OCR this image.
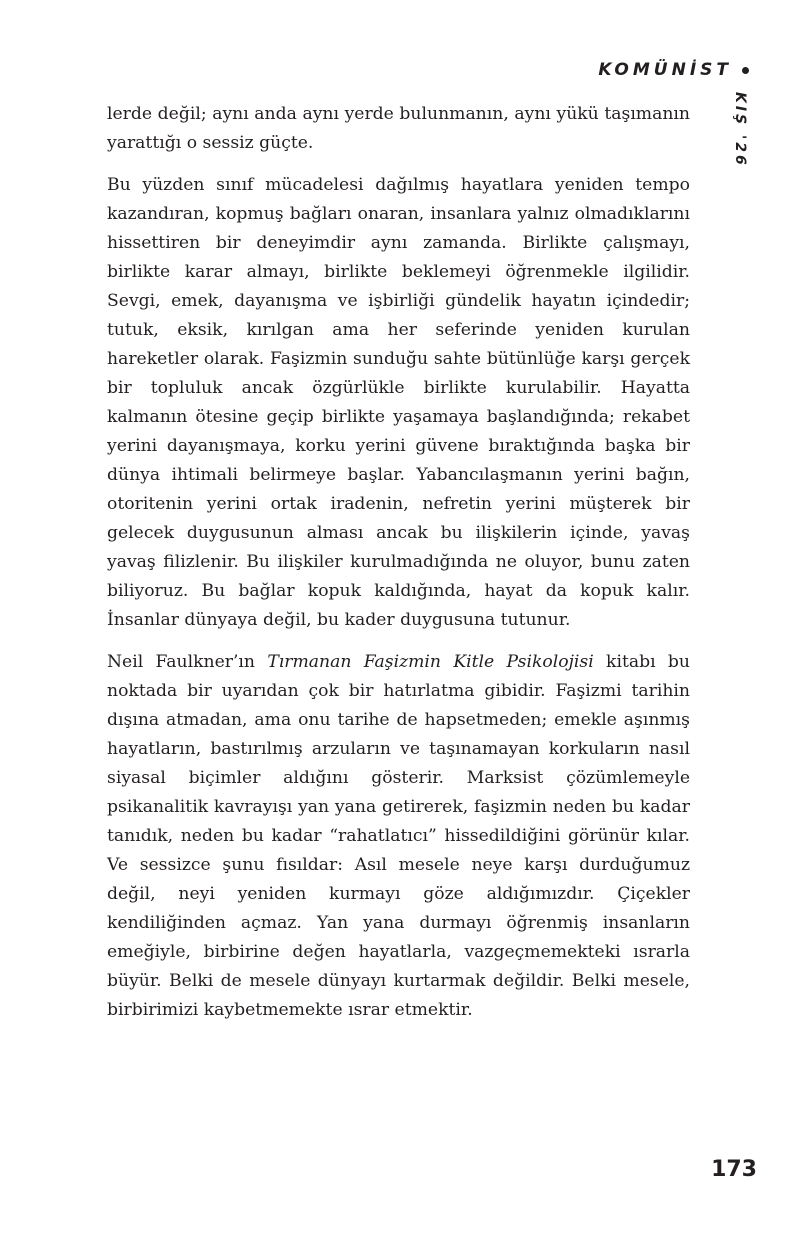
KOMÜNİST
KIŞ '26

lerde değil; aynı anda aynı yerde bulunmanın, aynı yükü taşımanın yarattığı o sessiz güçte.

Bu yüzden sınıf mücadelesi dağılmış hayatlara yeniden tempo kazandıran, kopmuş bağları onaran, insanlara yalnız olmadıklarını hissettiren bir deneyimdir aynı zamanda. Birlikte çalışmayı, birlikte karar almayı, birlikte beklemeyi öğrenmekle ilgilidir. Sevgi, emek, dayanışma ve işbirliği gündelik hayatın içindedir; tutuk, eksik, kırılgan ama her seferinde yeniden kurulan hareketler olarak. Faşizmin sunduğu sahte bütünlüğe karşı gerçek bir topluluk ancak özgürlükle birlikte kurulabilir. Hayatta kalmanın ötesine geçip birlikte yaşamaya başlandığında; rekabet yerini dayanışmaya, korku yerini güvene bıraktığında başka bir dünya ihtimali belirmeye başlar. Yabancılaşmanın yerini bağın, otoritenin yerini ortak iradenin, nefretin yerini müşterek bir gelecek duygusunun alması ancak bu ilişkilerin içinde, yavaş yavaş filizlenir. Bu ilişkiler kurulmadığında ne oluyor, bunu zaten biliyoruz. Bu bağlar kopuk kaldığında, hayat da kopuk kalır. İnsanlar dünyaya değil, bu kader duygusuna tutunur.

Neil Faulkner’ın Tırmanan Faşizmin Kitle Psikolojisi kitabı bu noktada bir uyarıdan çok bir hatırlatma gibidir. Faşizmi tarihin dışına atmadan, ama onu tarihe de hapsetmeden; emekle aşınmış hayatların, bastırılmış arzuların ve taşınamayan korkuların nasıl siyasal biçimler aldığını gösterir. Marksist çözümlemeyle psikanalitik kavrayışı yan yana getirerek, faşizmin neden bu kadar tanıdık, neden bu kadar “rahatlatıcı” hissedildiğini görünür kılar. Ve sessizce şunu fısıldar: Asıl mesele neye karşı durduğumuz değil, neyi yeniden kurmayı göze aldığımızdır. Çiçekler kendiliğinden açmaz. Yan yana durmayı öğrenmiş insanların emeğiyle, birbirine değen hayatlarla, vazgeçmemekteki ısrarla büyür. Belki de mesele dünyayı kurtarmak değildir. Belki mesele, birbirimizi kaybetmemekte ısrar etmektir.

173
